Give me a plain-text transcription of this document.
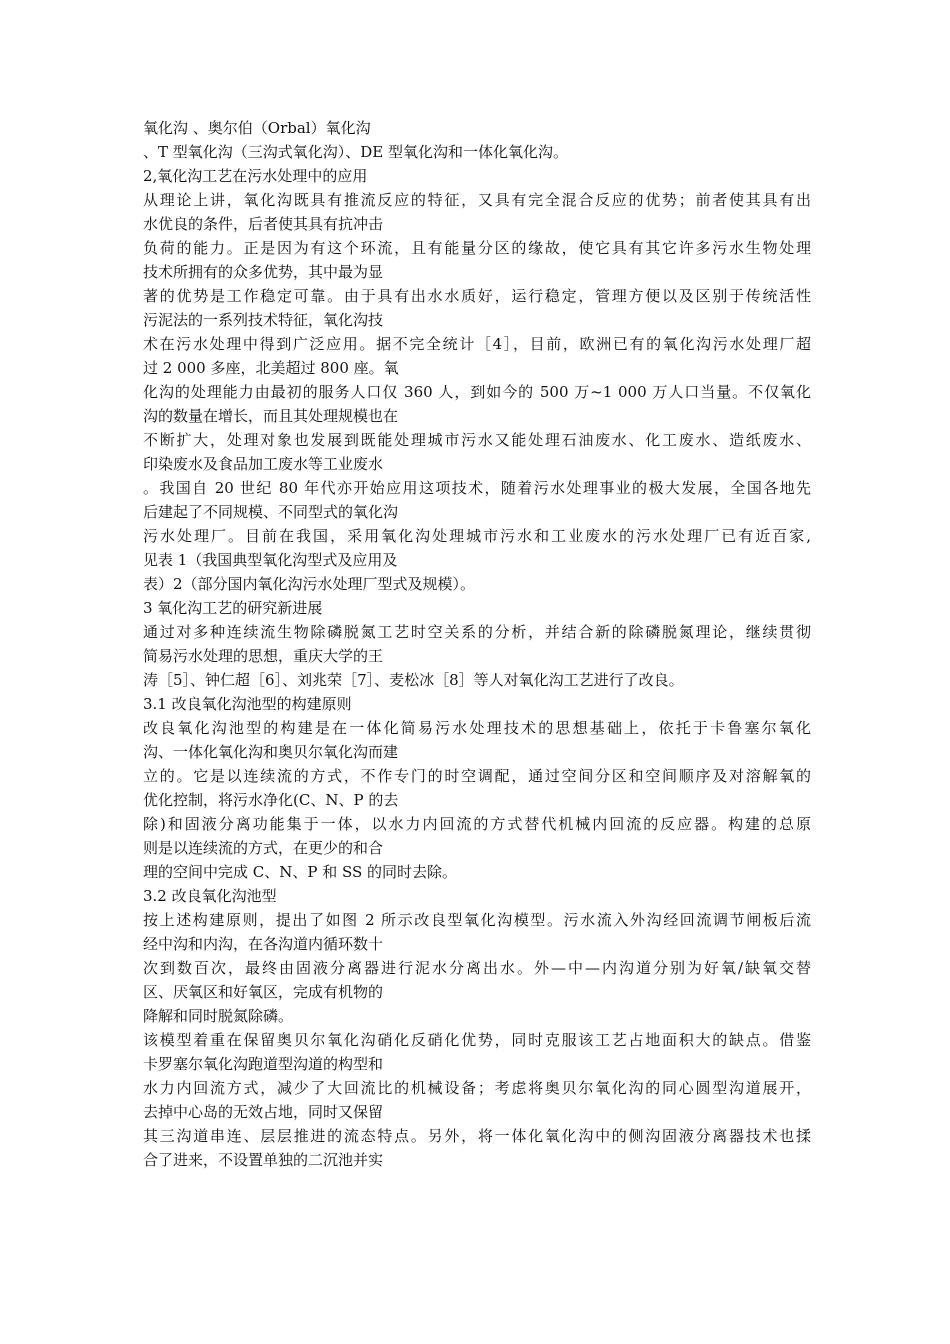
氧化沟 、奥尔伯（Orbal）氧化沟
、T 型氧化沟（三沟式氧化沟）、DE 型氧化沟和一体化氧化沟。
2,氧化沟工艺在污水处理中的应用
从理论上讲，氧化沟既具有推流反应的特征，又具有完全混合反应的优势；前者使其具有出
水优良的条件，后者使其具有抗冲击
负荷的能力。正是因为有这个环流，且有能量分区的缘故，使它具有其它许多污水生物处理
技术所拥有的众多优势，其中最为显
著的优势是工作稳定可靠。由于具有出水水质好，运行稳定，管理方便以及区别于传统活性
污泥法的一系列技术特征，氧化沟技
术在污水处理中得到广泛应用。据不完全统计［4］，目前，欧洲已有的氧化沟污水处理厂超
过 2 000 多座，北美超过 800 座。氧
化沟的处理能力由最初的服务人口仅 360 人，到如今的 500 万~1 000 万人口当量。不仅氧化
沟的数量在增长，而且其处理规模也在
不断扩大，处理对象也发展到既能处理城市污水又能处理石油废水、化工废水、造纸废水、
印染废水及食品加工废水等工业废水
。我国自 20 世纪 80 年代亦开始应用这项技术，随着污水处理事业的极大发展，全国各地先
后建起了不同规模、不同型式的氧化沟
污水处理厂。目前在我国，采用氧化沟处理城市污水和工业废水的污水处理厂已有近百家,
见表 1（我国典型氧化沟型式及应用及
表）2（部分国内氧化沟污水处理厂型式及规模）。
3 氧化沟工艺的研究新进展
通过对多种连续流生物除磷脱氮工艺时空关系的分析，并结合新的除磷脱氮理论，继续贯彻
简易污水处理的思想，重庆大学的王
涛［5］、钟仁超［6］、刘兆荣［7］、麦松冰［8］等人对氧化沟工艺进行了改良。
3.1 改良氧化沟池型的构建原则
改良氧化沟池型的构建是在一体化简易污水处理技术的思想基础上，依托于卡鲁塞尔氧化
沟、一体化氧化沟和奥贝尔氧化沟而建
立的。它是以连续流的方式，不作专门的时空调配，通过空间分区和空间顺序及对溶解氧的
优化控制，将污水净化(C、N、P 的去
除)和固液分离功能集于一体，以水力内回流的方式替代机械内回流的反应器。构建的总原
则是以连续流的方式，在更少的和合
理的空间中完成 C、N、P 和 SS 的同时去除。
3.2 改良氧化沟池型
按上述构建原则，提出了如图 2 所示改良型氧化沟模型。污水流入外沟经回流调节闸板后流
经中沟和内沟，在各沟道内循环数十
次到数百次，最终由固液分离器进行泥水分离出水。外—中—内沟道分别为好氧/缺氧交替
区、厌氧区和好氧区，完成有机物的
降解和同时脱氮除磷。
该模型着重在保留奥贝尔氧化沟硝化反硝化优势，同时克服该工艺占地面积大的缺点。借鉴
卡罗塞尔氧化沟跑道型沟道的构型和
水力内回流方式，减少了大回流比的机械设备；考虑将奥贝尔氧化沟的同心圆型沟道展开，
去掉中心岛的无效占地，同时又保留
其三沟道串连、层层推进的流态特点。另外，将一体化氧化沟中的侧沟固液分离器技术也揉
合了进来，不设置单独的二沉池并实
